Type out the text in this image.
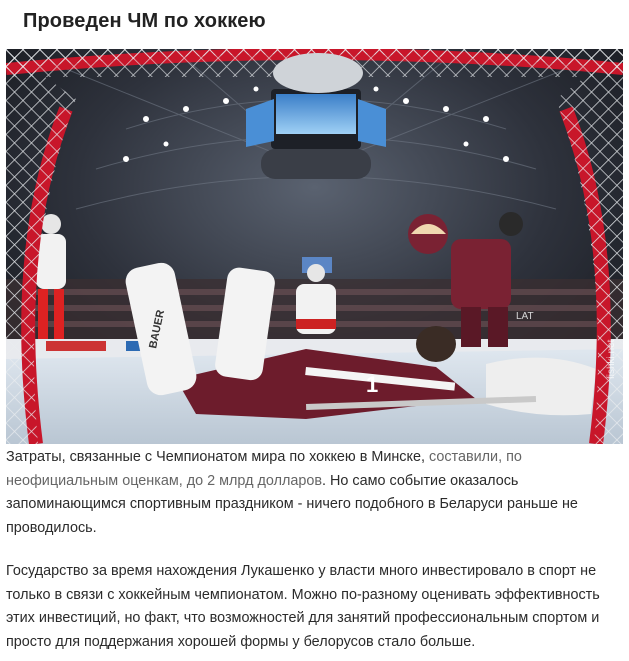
Проведен ЧМ по хоккею
1
BAUER	LAT
fishki.net
Затраты, связанные с Чемпионатом мира по хоккею в Минске, составили, по
неофициальным оценкам, до 2 млрд долларов. Но само событие оказалось
запоминающимся спортивным праздником - ничего подобного в Беларуси раньше не
проводилось.
Государство за время нахождения Лукашенко у власти много инвестировало в спорт не
только в связи с хоккейным чемпионатом. Можно по-разному оценивать эффективность
этих инвестиций, но факт, что возможностей для занятий профессиональным спортом и
просто для поддержания хорошей формы у белорусов стало больше.
